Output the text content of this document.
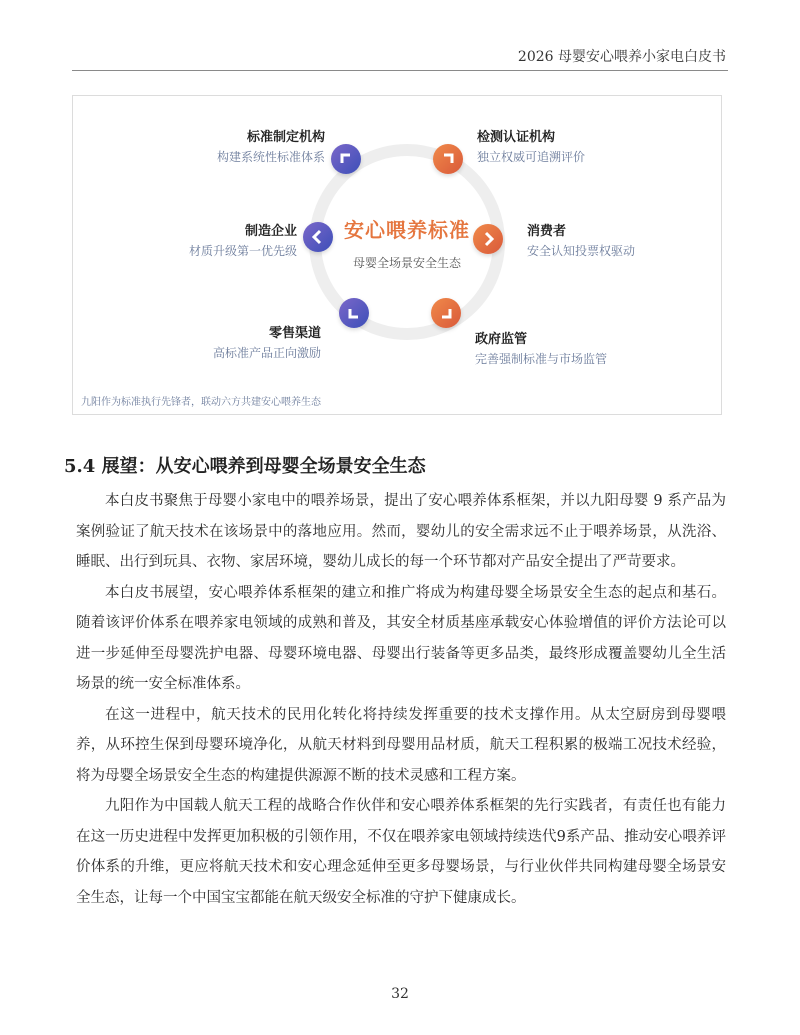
2026 母婴安心喂养小家电白皮书
安心喂养标准
母婴全场景安全生态
标准制定机构
构建系统性标准体系
检测认证机构
独立权威可追溯评价
制造企业
材质升级第一优先级
消费者
安全认知投票权驱动
零售渠道
高标准产品正向激励
政府监管
完善强制标准与市场监管
九阳作为标准执行先锋者，联动六方共建安心喂养生态
5.4 展望：从安心喂养到母婴全场景安全生态

本白皮书聚焦于母婴小家电中的喂养场景，提出了安心喂养体系框架，并以九阳母婴 9 系产品为案例验证了航天技术在该场景中的落地应用。然而，婴幼儿的安全需求远不止于喂养场景，从洗浴、睡眠、出行到玩具、衣物、家居环境，婴幼儿成长的每一个环节都对产品安全提出了严苛要求。

本白皮书展望，安心喂养体系框架的建立和推广将成为构建母婴全场景安全生态的起点和基石。随着该评价体系在喂养家电领域的成熟和普及，其安全材质基座承载安心体验增值的评价方法论可以进一步延伸至母婴洗护电器、母婴环境电器、母婴出行装备等更多品类，最终形成覆盖婴幼儿全生活场景的统一安全标准体系。

在这一进程中，航天技术的民用化转化将持续发挥重要的技术支撑作用。从太空厨房到母婴喂养，从环控生保到母婴环境净化，从航天材料到母婴用品材质，航天工程积累的极端工况技术经验，将为母婴全场景安全生态的构建提供源源不断的技术灵感和工程方案。

九阳作为中国载人航天工程的战略合作伙伴和安心喂养体系框架的先行实践者，有责任也有能力在这一历史进程中发挥更加积极的引领作用，不仅在喂养家电领域持续迭代9系产品、推动安心喂养评价体系的升维，更应将航天技术和安心理念延伸至更多母婴场景，与行业伙伴共同构建母婴全场景安全生态，让每一个中国宝宝都能在航天级安全标准的守护下健康成长。

32
